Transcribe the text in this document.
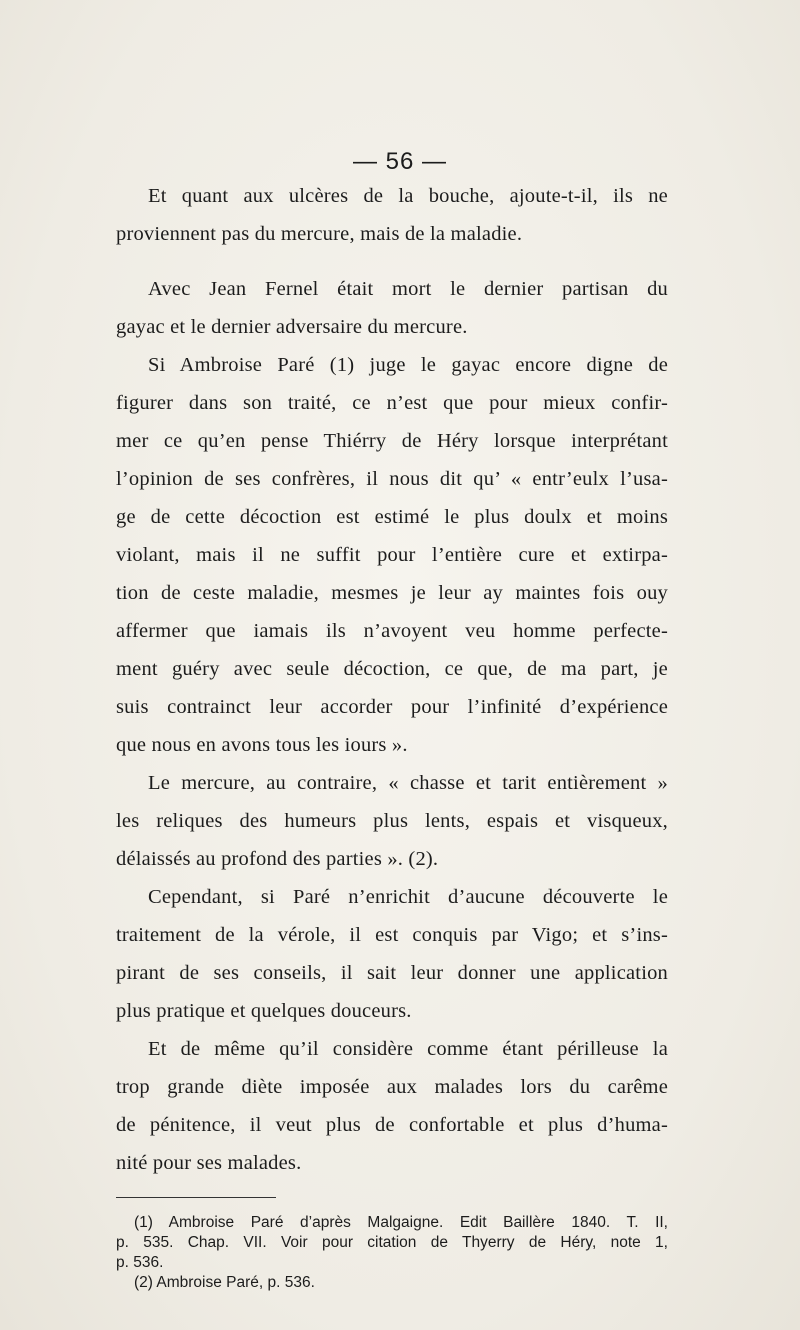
— 56 —
Et quant aux ulcères de la bouche, ajoute-t-il, ils ne
proviennent pas du mercure, mais de la maladie.
Avec Jean Fernel était mort le dernier partisan du
gayac et le dernier adversaire du mercure.
Si Ambroise Paré (1) juge le gayac encore digne de
figurer dans son traité, ce n’est que pour mieux confir-
mer ce qu’en pense Thiérry de Héry lorsque interprétant
l’opinion de ses confrères, il nous dit qu’ « entr’eulx l’usa-
ge de cette décoction est estimé le plus doulx et moins
violant, mais il ne suffit pour l’entière cure et extirpa-
tion de ceste maladie, mesmes je leur ay maintes fois ouy
affermer que iamais ils n’avoyent veu homme perfecte-
ment guéry avec seule décoction, ce que, de ma part, je
suis contrainct leur accorder pour l’infinité d’expérience
que nous en avons tous les iours ».
Le mercure, au contraire, « chasse et tarit entièrement »
les reliques des humeurs plus lents, espais et visqueux,
délaissés au profond des parties ». (2).
Cependant, si Paré n’enrichit d’aucune découverte le
traitement de la vérole, il est conquis par Vigo; et s’ins-
pirant de ses conseils, il sait leur donner une application
plus pratique et quelques douceurs.
Et de même qu’il considère comme étant périlleuse la
trop grande diète imposée aux malades lors du carême
de pénitence, il veut plus de confortable et plus d’huma-
nité pour ses malades.
(1) Ambroise Paré d’après Malgaigne. Edit Baillère 1840. T. II,
p. 535. Chap. VII. Voir pour citation de Thyerry de Héry, note 1,
p. 536.
(2) Ambroise Paré, p. 536.
